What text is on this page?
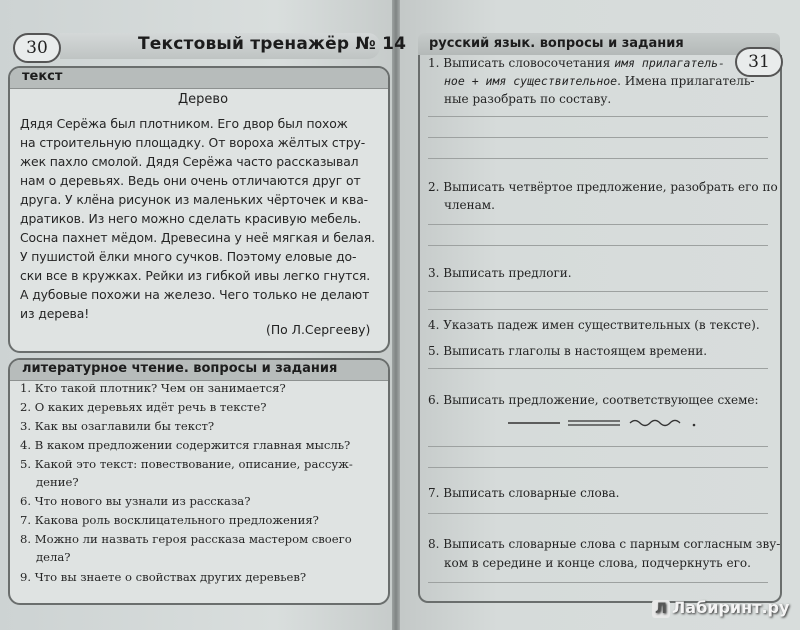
30	Текстовый тренажёр № 14
текст
Дерево
Дядя Серёжа был плотником. Его двор был похож
на строительную площадку. От вороха жёлтых стру-
жек пахло смолой. Дядя Серёжа часто рассказывал
нам о деревьях. Ведь они очень отличаются друг от
друга. У клёна рисунок из маленьких чёрточек и ква-
дратиков. Из него можно сделать красивую мебель.
Сосна пахнет мёдом. Древесина у неё мягкая и белая.
У пушистой ёлки много сучков. Поэтому еловые до-
ски все в кружках. Рейки из гибкой ивы легко гнутся.
А дубовые похожи на железо. Чего только не делают
из дерева!
(По Л.Сергееву)
литературное чтение. вопросы и задания
1. Кто такой плотник? Чем он занимается?
2. О каких деревьях идёт речь в тексте?
3. Как вы озаглавили бы текст?
4. В каком предложении содержится главная мысль?
5. Какой это текст: повествование, описание, рассуж-
дение?
6. Что нового вы узнали из рассказа?
7. Какова роль восклицательного предложения?
8. Можно ли назвать героя рассказа мастером своего
дела?
9. Что вы знаете о свойствах других деревьев?
русский язык. вопросы и задания
31
1. Выписать словосочетания имя прилагатель-
ное + имя существительное. Имена прилагатель-
ные разобрать по составу.
2. Выписать четвёртое предложение, разобрать его по
членам.
3. Выписать предлоги.
4. Указать падеж имен существительных (в тексте).
5. Выписать глаголы в настоящем времени.
6. Выписать предложение, соответствующее схеме:
7. Выписать словарные слова.
8. Выписать словарные слова с парным согласным зву-
ком в середине и конце слова, подчеркнуть его.
Л Лабиринт.ру
